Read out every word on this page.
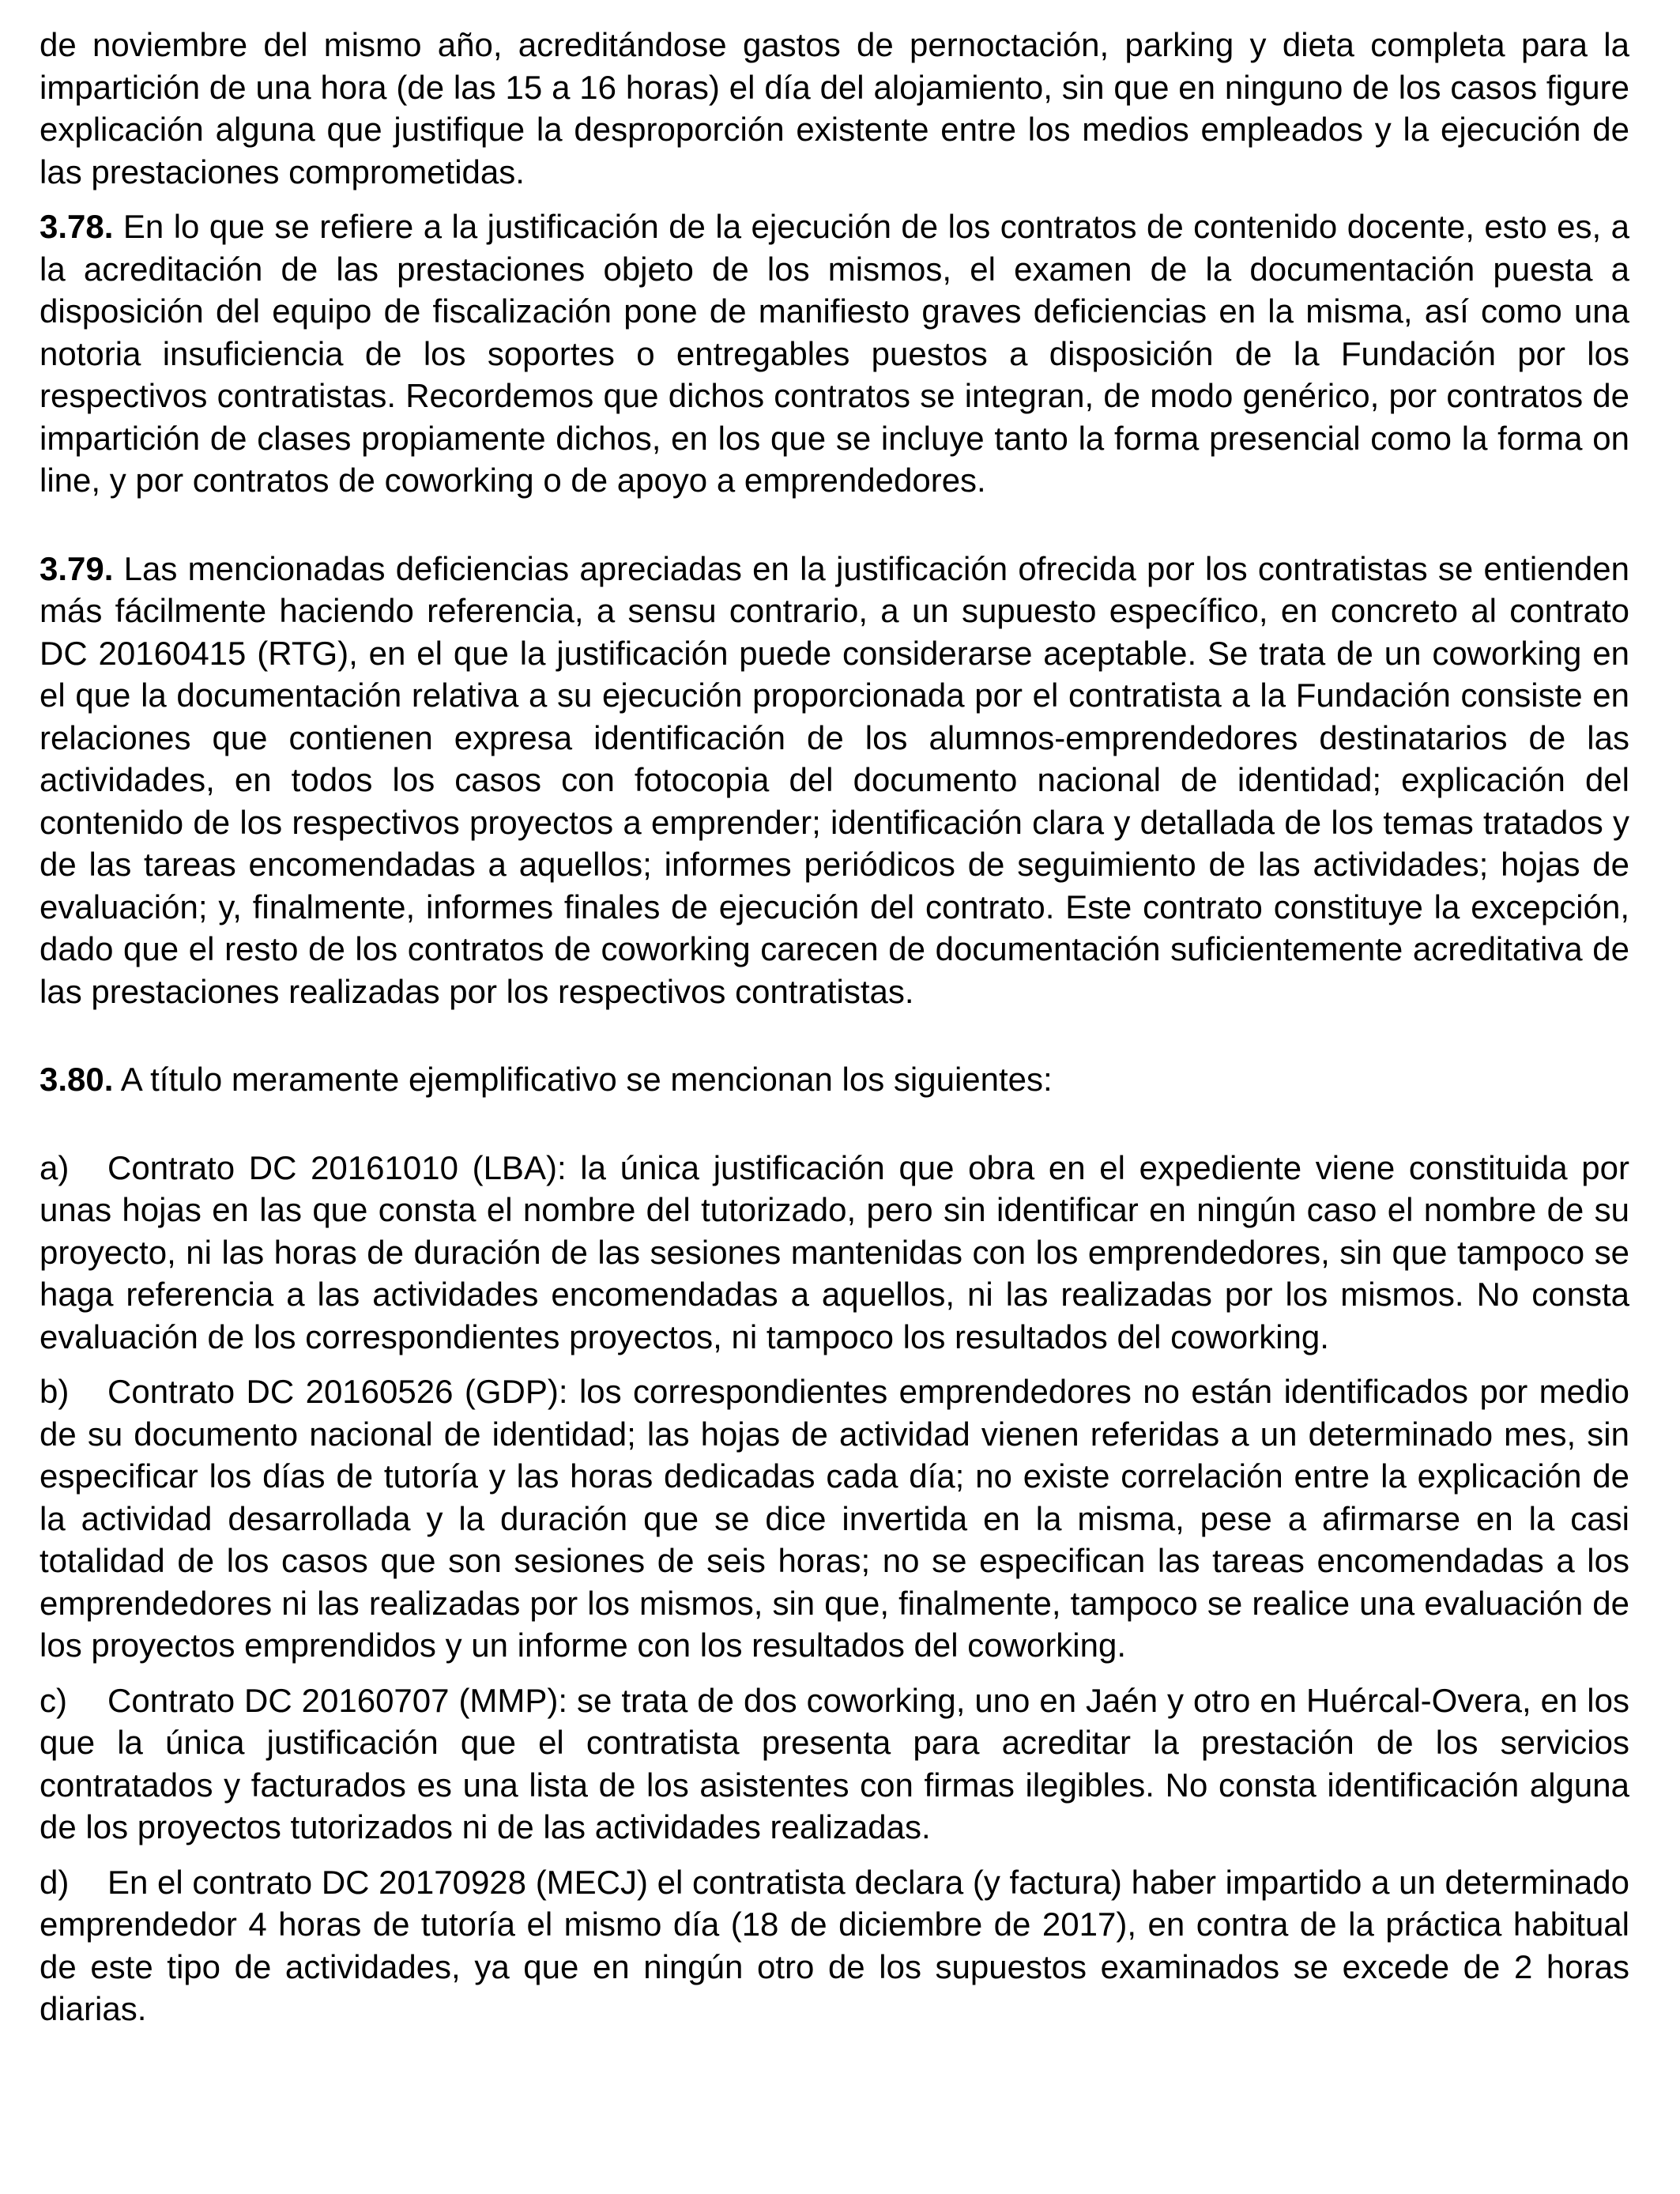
de noviembre del mismo año, acreditándose gastos de pernoctación, parking y dieta completa para la impartición de una hora (de las 15 a 16 horas) el día del alojamiento, sin que en ninguno de los casos figure explicación alguna que justifique la desproporción existente entre los medios empleados y la ejecución de las prestaciones comprometidas.

3.78. En lo que se refiere a la justificación de la ejecución de los contratos de contenido docente, esto es, a la acreditación de las prestaciones objeto de los mismos, el examen de la documentación puesta a disposición del equipo de fiscalización pone de manifiesto graves deficiencias en la misma, así como una notoria insuficiencia de los soportes o entregables puestos a disposición de la Fundación por los respectivos contratistas. Recordemos que dichos contratos se integran, de modo genérico, por contratos de impartición de clases propiamente dichos, en los que se incluye tanto la forma presencial como la forma on line, y por contratos de coworking o de apoyo a emprendedores.

3.79. Las mencionadas deficiencias apreciadas en la justificación ofrecida por los contratistas se entienden más fácilmente haciendo referencia, a sensu contrario, a un supuesto específico, en concreto al contrato DC 20160415 (RTG), en el que la justificación puede considerarse aceptable. Se trata de un coworking en el que la documentación relativa a su ejecución proporcionada por el contratista a la Fundación consiste en relaciones que contienen expresa identificación de los alumnos-emprendedores destinatarios de las actividades, en todos los casos con fotocopia del documento nacional de identidad; explicación del contenido de los respectivos proyectos a emprender; identificación clara y detallada de los temas tratados y de las tareas encomendadas a aquellos; informes periódicos de seguimiento de las actividades; hojas de evaluación; y, finalmente, informes finales de ejecución del contrato. Este contrato constituye la excepción, dado que el resto de los contratos de coworking carecen de documentación suficientemente acreditativa de las prestaciones realizadas por los respectivos contratistas.

3.80. A título meramente ejemplificativo se mencionan los siguientes:

a) Contrato DC 20161010 (LBA): la única justificación que obra en el expediente viene constituida por unas hojas en las que consta el nombre del tutorizado, pero sin identificar en ningún caso el nombre de su proyecto, ni las horas de duración de las sesiones mantenidas con los emprendedores, sin que tampoco se haga referencia a las actividades encomendadas a aquellos, ni las realizadas por los mismos. No consta evaluación de los correspondientes proyectos, ni tampoco los resultados del coworking.

b) Contrato DC 20160526 (GDP): los correspondientes emprendedores no están identificados por medio de su documento nacional de identidad; las hojas de actividad vienen referidas a un determinado mes, sin especificar los días de tutoría y las horas dedicadas cada día; no existe correlación entre la explicación de la actividad desarrollada y la duración que se dice invertida en la misma, pese a afirmarse en la casi totalidad de los casos que son sesiones de seis horas; no se especifican las tareas encomendadas a los emprendedores ni las realizadas por los mismos, sin que, finalmente, tampoco se realice una evaluación de los proyectos emprendidos y un informe con los resultados del coworking.

c) Contrato DC 20160707 (MMP): se trata de dos coworking, uno en Jaén y otro en Huércal-Overa, en los que la única justificación que el contratista presenta para acreditar la prestación de los servicios contratados y facturados es una lista de los asistentes con firmas ilegibles. No consta identificación alguna de los proyectos tutorizados ni de las actividades realizadas.

d) En el contrato DC 20170928 (MECJ) el contratista declara (y factura) haber impartido a un determinado emprendedor 4 horas de tutoría el mismo día (18 de diciembre de 2017), en contra de la práctica habitual de este tipo de actividades, ya que en ningún otro de los supuestos examinados se excede de 2 horas diarias.
